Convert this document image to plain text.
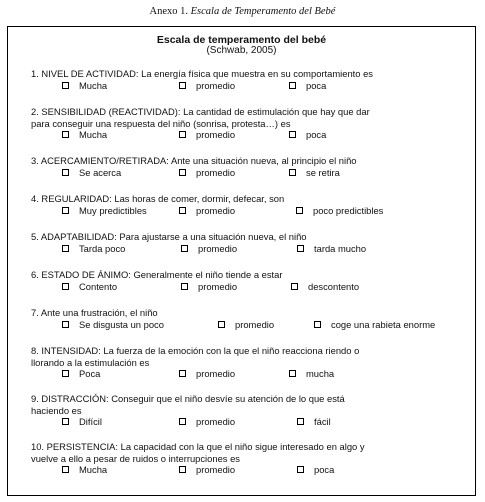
Anexo 1. Escala de Temperamento del Bebé
Escala de temperamento del bebé
(Schwab, 2005)
1. NIVEL DE ACTIVIDAD: La energía física que muestra en su comportamiento es
Mucha	promedio	poca
2. SENSIBILIDAD (REACTIVIDAD): La cantidad de estimulación que hay que dar
para conseguir una respuesta del niño (sonrisa, protesta…) es
Mucha	promedio	poca
3. ACERCAMIENTO/RETIRADA: Ante una situación nueva, al principio el niño
Se acerca	promedio	se retira
4. REGULARIDAD: Las horas de comer, dormir, defecar, son
Muy predictibles	promedio	poco predictibles
5. ADAPTABILIDAD: Para ajustarse a una situación nueva, el niño
Tarda poco	promedio	tarda mucho
6. ESTADO DE ÁNIMO: Generalmente el niño tiende a estar
Contento	promedio	descontento
7. Ante una frustración, el niño
Se disgusta un poco	promedio	coge una rabieta enorme
8. INTENSIDAD: La fuerza de la emoción con la que el niño reacciona riendo o
llorando a la estimulación es
Poca	promedio	mucha
9. DISTRACCIÓN: Conseguir que el niño desvíe su atención de lo que está
haciendo es
Difícil	promedio	fácil
10. PERSISTENCIA: La capacidad con la que el niño sigue interesado en algo y
vuelve a ello a pesar de ruidos o interrupciones es
Mucha	promedio	poca
